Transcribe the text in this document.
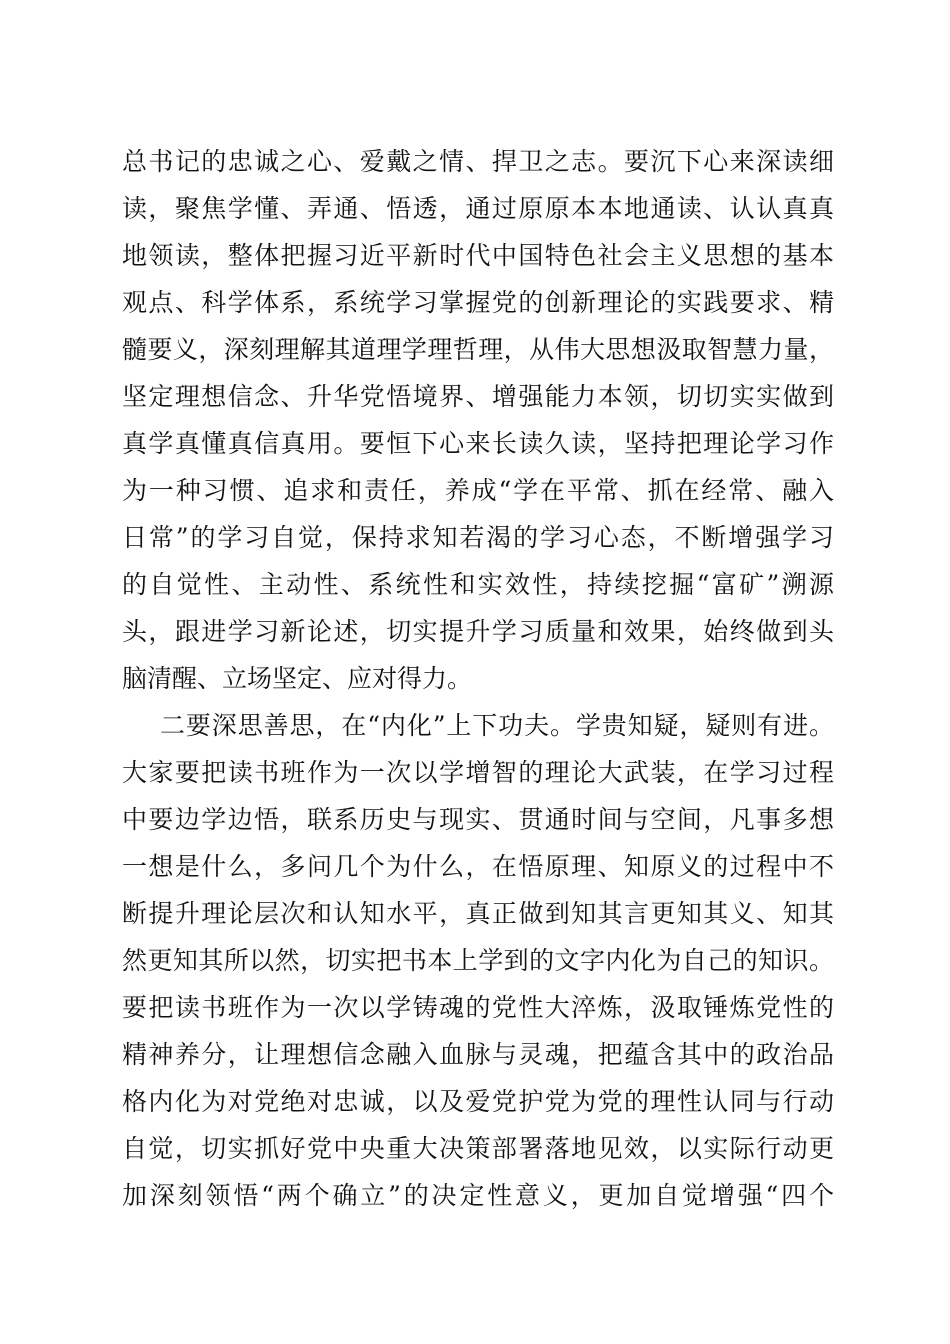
总书记的忠诚之心、爱戴之情、捍卫之志。要沉下心来深读细
读，聚焦学懂、弄通、悟透，通过原原本本地通读、认认真真
地领读，整体把握习近平新时代中国特色社会主义思想的基本
观点、科学体系，系统学习掌握党的创新理论的实践要求、精
髓要义，深刻理解其道理学理哲理，从伟大思想汲取智慧力量，
坚定理想信念、升华党悟境界、增强能力本领，切切实实做到
真学真懂真信真用。要恒下心来长读久读，坚持把理论学习作
为一种习惯、追求和责任，养成“学在平常、抓在经常、融入
日常”的学习自觉，保持求知若渴的学习心态，不断增强学习
的自觉性、主动性、系统性和实效性，持续挖掘“富矿”溯源
头，跟进学习新论述，切实提升学习质量和效果，始终做到头
脑清醒、立场坚定、应对得力。
二要深思善思，在“内化”上下功夫。学贵知疑，疑则有进。
大家要把读书班作为一次以学增智的理论大武装，在学习过程
中要边学边悟，联系历史与现实、贯通时间与空间，凡事多想
一想是什么，多问几个为什么，在悟原理、知原义的过程中不
断提升理论层次和认知水平，真正做到知其言更知其义、知其
然更知其所以然，切实把书本上学到的文字内化为自己的知识。
要把读书班作为一次以学铸魂的党性大淬炼，汲取锤炼党性的
精神养分，让理想信念融入血脉与灵魂，把蕴含其中的政治品
格内化为对党绝对忠诚，以及爱党护党为党的理性认同与行动
自觉，切实抓好党中央重大决策部署落地见效，以实际行动更
加深刻领悟“两个确立”的决定性意义，更加自觉增强“四个
